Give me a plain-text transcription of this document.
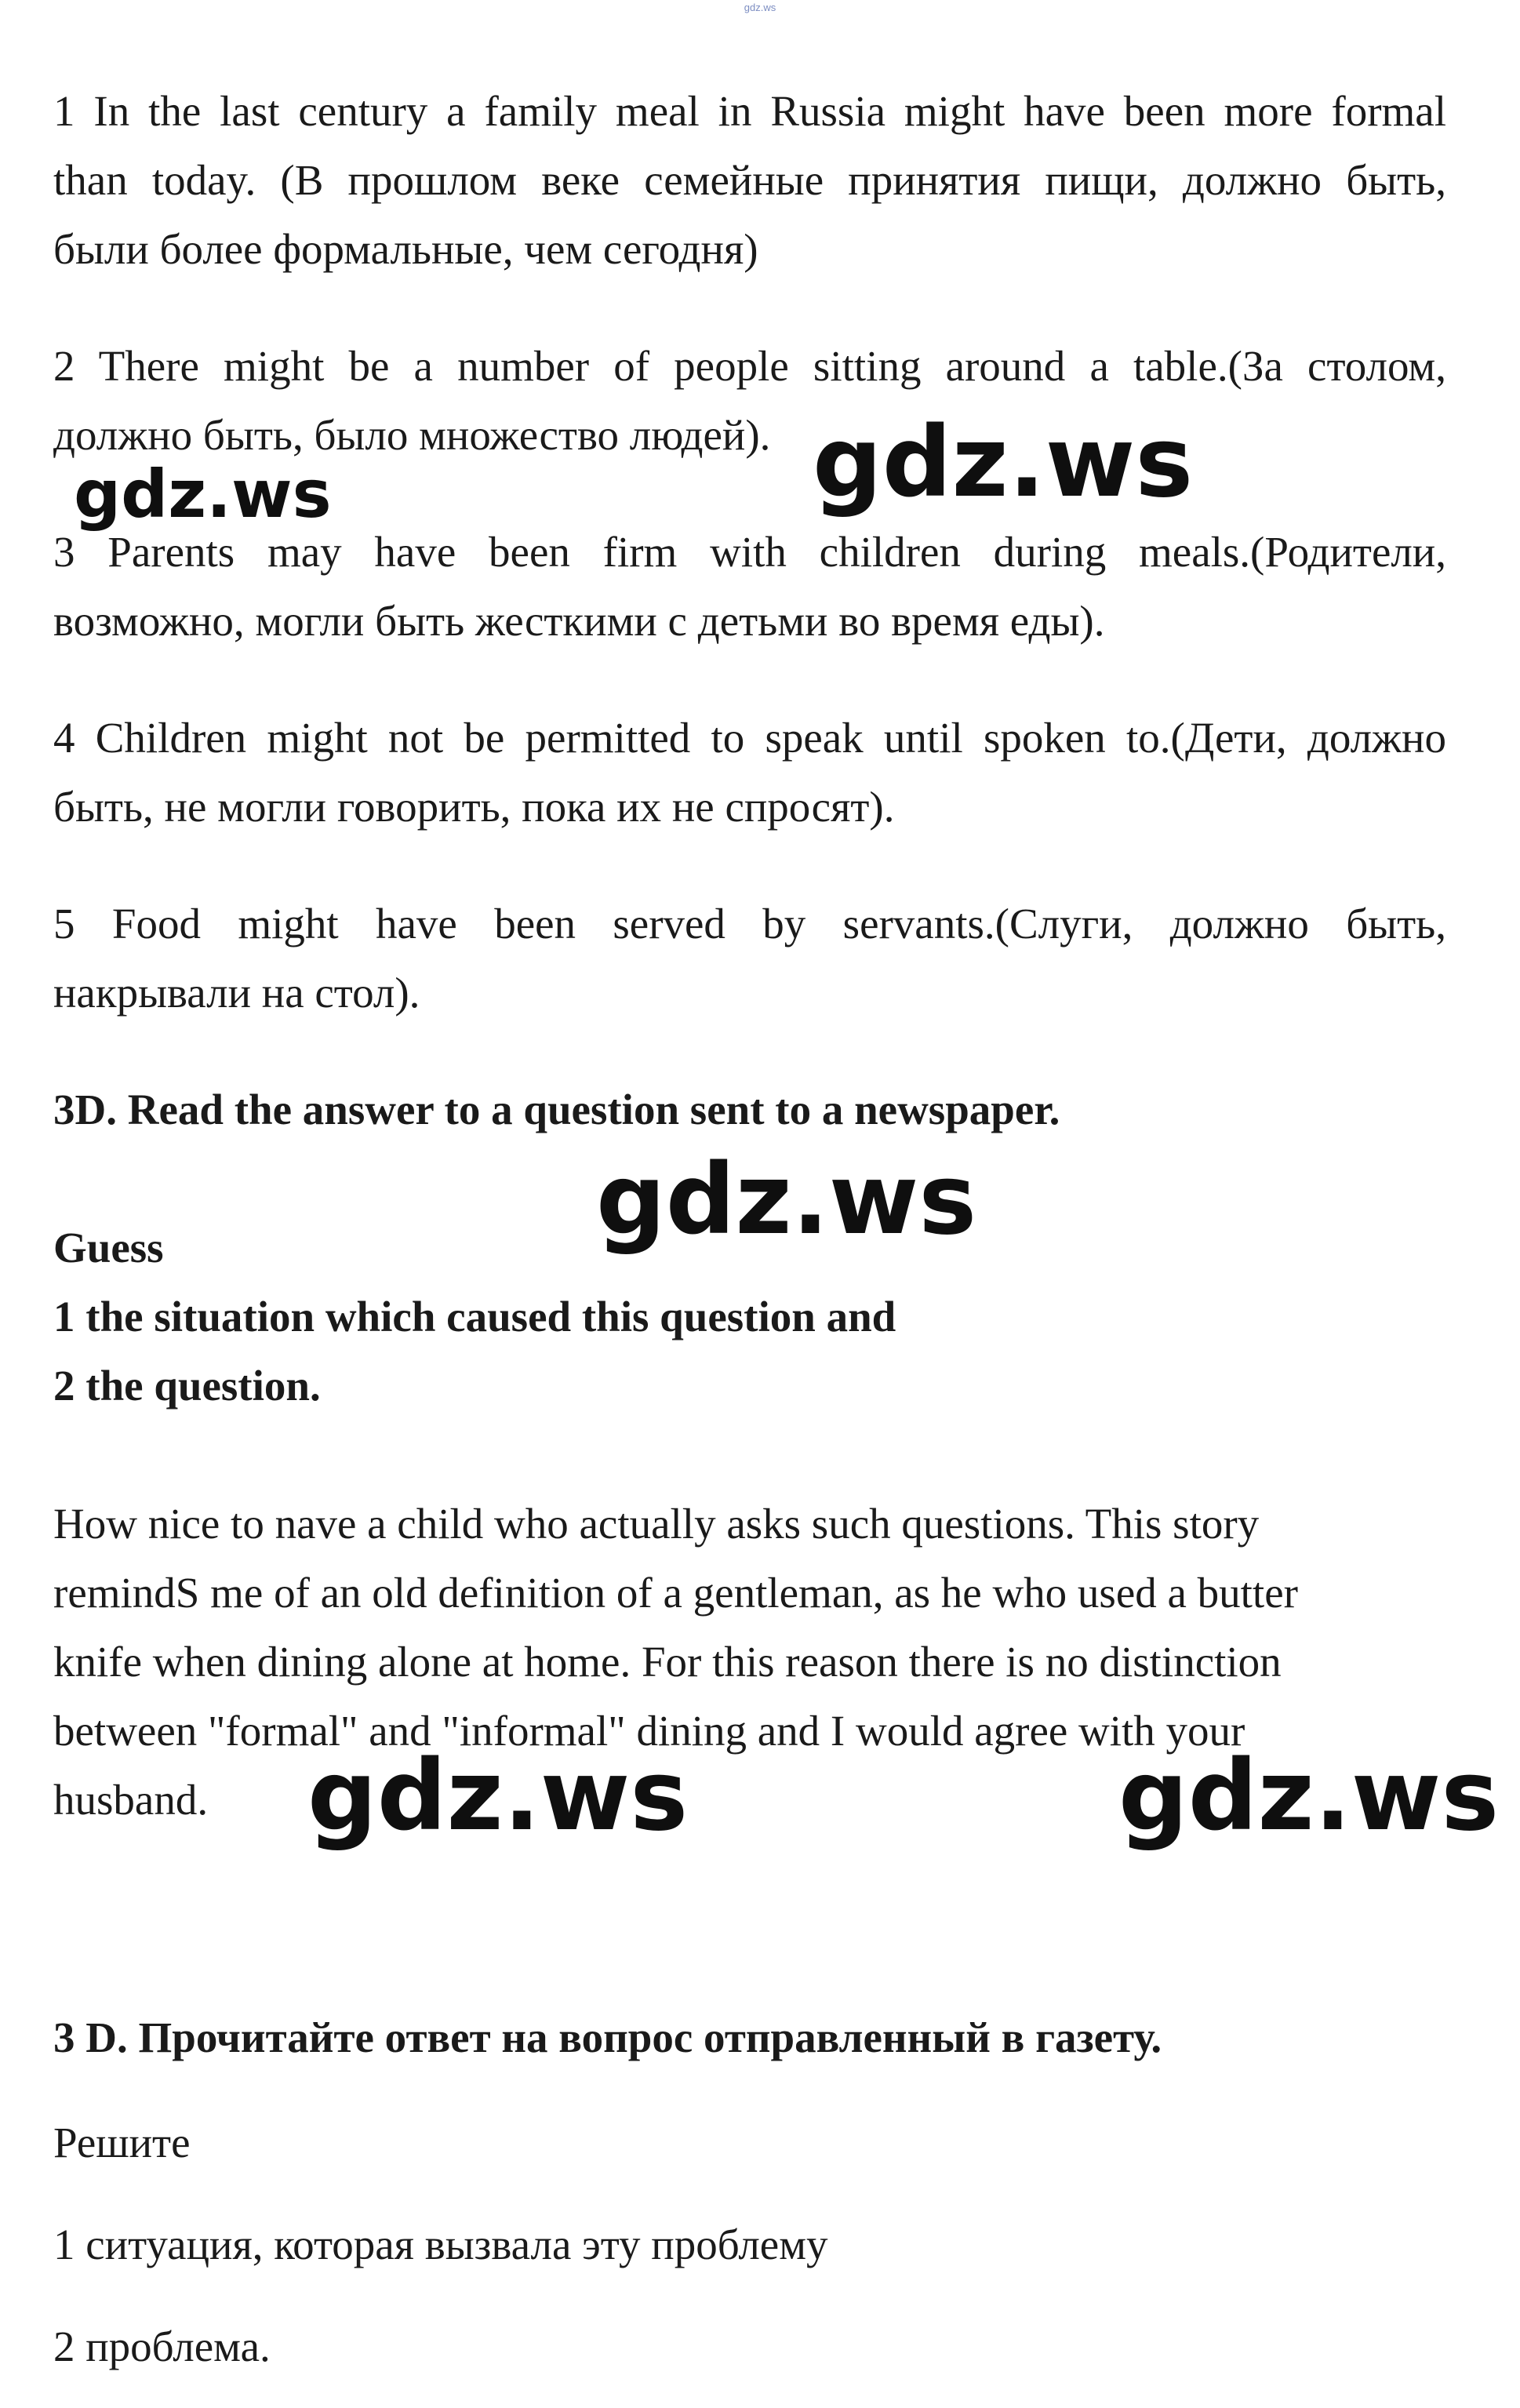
gdz.ws

1 In the last century a family meal in Russia might have been more formal
than today. (В прошлом веке семейные принятия пищи, должно быть,
были более формальные, чем сегодня)

2 There might be a number of people sitting around a table.(За столом,
должно быть, было множество людей).

3 Parents may have been firm with children during meals.(Родители,
возможно, могли быть жесткими с детьми во время еды).

4 Children might not be permitted to speak until spoken to.(Дети, должно
быть, не могли говорить, пока их не спросят).

5 Food might have been served by servants.(Слуги, должно быть,
накрывали на стол).

3D. Read the answer to a question sent to a newspaper.

Guess

1 the situation which caused this question and

2 the question.

How nice to nave a child who actually asks such questions. This story
remindS me of an old definition of a gentleman, as he who used a butter
knife when dining alone at home. For this reason there is no distinction
between "formal" and "informal" dining and I would agree with your
husband.

3 D. Прочитайте ответ на вопрос отправленный в газету.

Решите

1 ситуация, которая вызвала эту проблему

2 проблема.

gdz.ws	gdz.ws
gdz.ws
gdz.ws	gdz.ws
